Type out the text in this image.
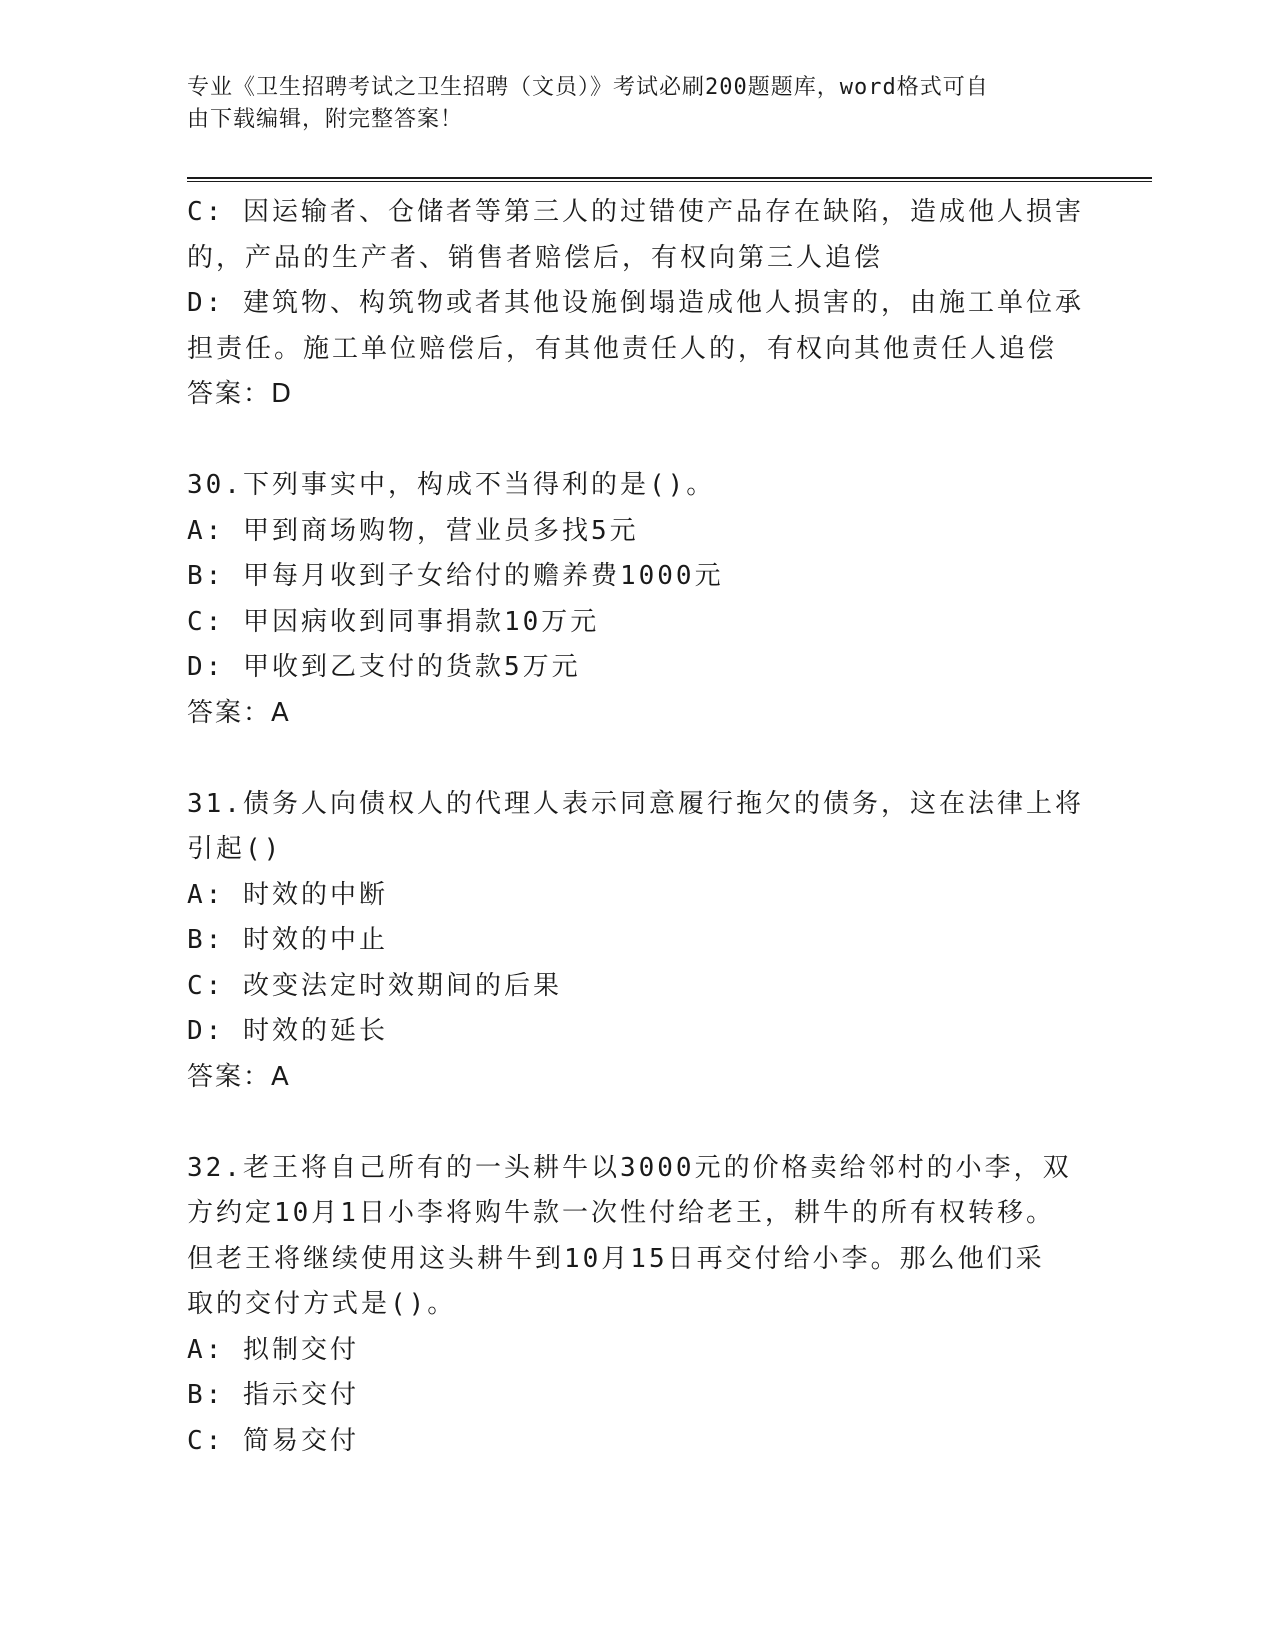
专业《卫生招聘考试之卫生招聘（文员）》考试必刷200题题库，word格式可自
由下载编辑，附完整答案！
C: 因运输者、仓储者等第三人的过错使产品存在缺陷，造成他人损害
的，产品的生产者、销售者赔偿后，有权向第三人追偿
D: 建筑物、构筑物或者其他设施倒塌造成他人损害的，由施工单位承
担责任。施工单位赔偿后，有其他责任人的，有权向其他责任人追偿
答案：D
30.下列事实中，构成不当得利的是()。
A: 甲到商场购物，营业员多找5元
B: 甲每月收到子女给付的赡养费1000元
C: 甲因病收到同事捐款10万元
D: 甲收到乙支付的货款5万元
答案：A
31.债务人向债权人的代理人表示同意履行拖欠的债务，这在法律上将
引起()
A: 时效的中断
B: 时效的中止
C: 改变法定时效期间的后果
D: 时效的延长
答案：A
32.老王将自己所有的一头耕牛以3000元的价格卖给邻村的小李，双
方约定10月1日小李将购牛款一次性付给老王，耕牛的所有权转移。
但老王将继续使用这头耕牛到10月15日再交付给小李。那么他们采
取的交付方式是()。
A: 拟制交付
B: 指示交付
C: 简易交付
